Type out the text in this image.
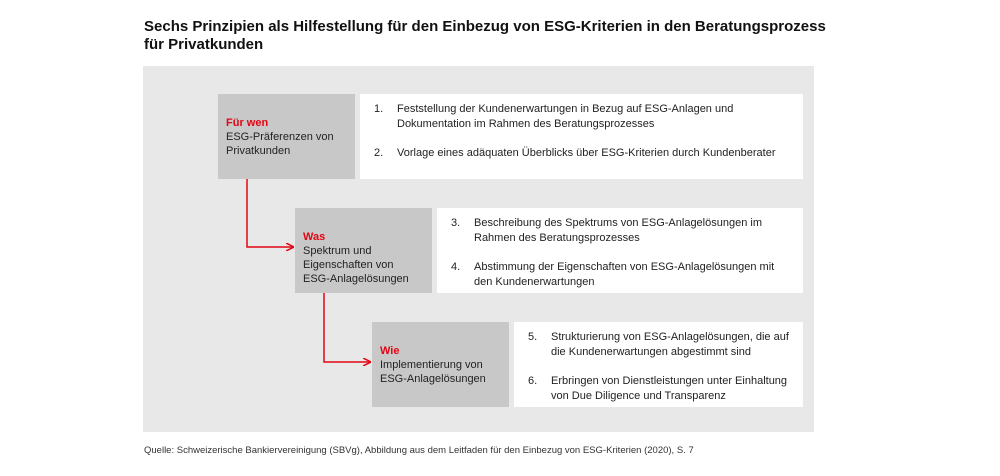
Sechs Prinzipien als Hilfestellung für den Einbezug von ESG-Kriterien in den Beratungsprozess für Privatkunden
Für wen
ESG-Präferenzen von
Privatkunden
1. Feststellung der Kundenerwartungen in Bezug auf ESG-Anlagen und Dokumentation im Rahmen des Beratungsprozesses
2. Vorlage eines adäquaten Überblicks über ESG-Kriterien durch Kundenberater
Was
Spektrum und
Eigenschaften von
ESG-Anlagelösungen
3. Beschreibung des Spektrums von ESG-Anlagelösungen im Rahmen des Beratungsprozesses
4. Abstimmung der Eigenschaften von ESG-Anlagelösungen mit den Kundenerwartungen
Wie
Implementierung von
ESG-Anlagelösungen
5. Strukturierung von ESG-Anlagelösungen, die auf die Kundenerwartungen abgestimmt sind
6. Erbringen von Dienstleistungen unter Einhaltung von Due Diligence und Transparenz
Quelle: Schweizerische Bankiervereinigung (SBVg), Abbildung aus dem Leitfaden für den Einbezug von ESG-Kriterien (2020), S. 7
